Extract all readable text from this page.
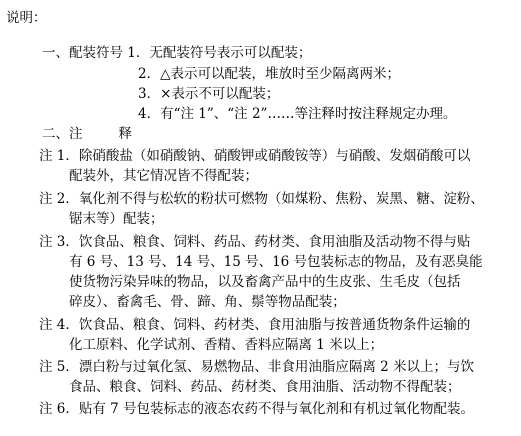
说明：
一、配装符号 1．无配装符号表示可以配装；
2．△表示可以配装，堆放时至少隔离两米；
3．×表示不可以配装；
4．有“注 1”、“注 2”……等注释时按注释规定办理。
二、注	释
注 1．除硝酸盐（如硝酸钠、硝酸钾或硝酸铵等）与硝酸、发烟硝酸可以
配装外，其它情况皆不得配装；
注 2．氧化剂不得与松软的粉状可燃物（如煤粉、焦粉、炭黑、糖、淀粉、
锯末等）配装；
注 3．饮食品、粮食、饲料、药品、药材类、食用油脂及活动物不得与贴
有 6 号、13 号、14 号、15 号、16 号包装标志的物品，及有恶臭能
使货物污染异味的物品，以及畜禽产品中的生皮张、生毛皮（包括
碎皮）、畜禽毛、骨、蹄、角、鬃等物品配装；
注 4．饮食品、粮食、饲料、药材类、食用油脂与按普通货物条件运输的
化工原料、化学试剂、香精、香料应隔离 1 米以上；
注 5．漂白粉与过氧化氢、易燃物品、非食用油脂应隔离 2 米以上；与饮
食品、粮食、饲料、药品、药材类、食用油脂、活动物不得配装；
注 6．贴有 7 号包装标志的液态农药不得与氧化剂和有机过氧化物配装。
